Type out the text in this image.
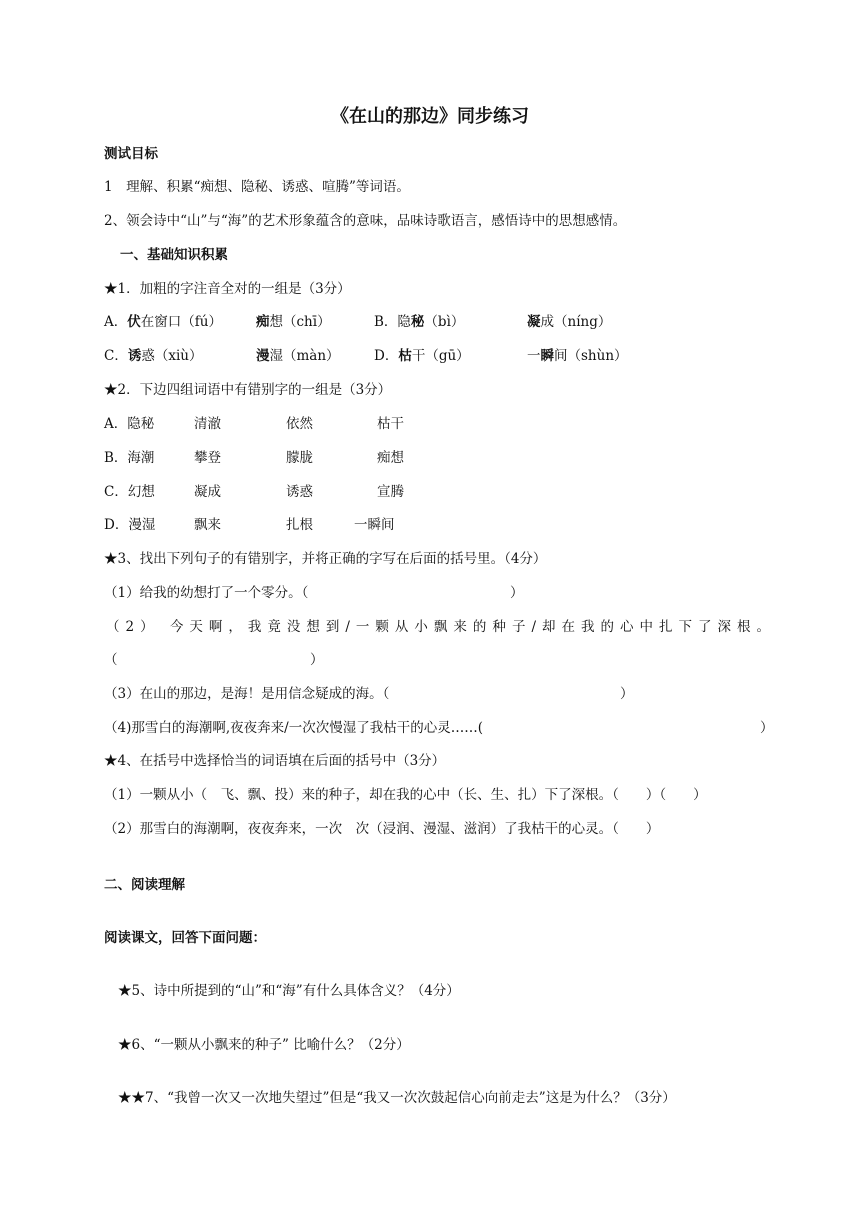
《在山的那边》同步练习
测试目标
1　理解、积累“痴想、隐秘、诱惑、喧腾”等词语。
2、领会诗中“山”与“海”的艺术形象蕴含的意味，品味诗歌语言，感悟诗中的思想感情。
一、基础知识积累
★1．加粗的字注音全对的一组是（3分）
A．伏在窗口（fú）	痴想（chī）	B．隐秘（bì）	凝成（níng）
C．诱惑（xiù）	漫湿（màn）	D．枯干（gū）	一瞬间（shùn）
★2．下边四组词语中有错别字的一组是（3分）
A．隐秘	清澈	依然	枯干
B．海潮	攀登	朦胧	痴想
C．幻想	凝成	诱惑	宣腾
D．漫湿	飘来	扎根	一瞬间
★3、找出下列句子的有错别字，并将正确的字写在后面的括号里。（4分）
（1）给我的幼想打了一个零分。（	）
（2） 今天啊，我竟没想到/一颗从小飘来的种子/却在我的心中扎下了深根。
（	）
（3）在山的那边，是海！是用信念疑成的海。（	）
（4)那雪白的海潮啊,夜夜奔来/一次次慢湿了我枯干的心灵……(	）
★4、在括号中选择恰当的词语填在后面的括号中（3分）
（1）一颗从小（　飞、飘、投）来的种子，却在我的心中（长、生、扎）下了深根。（　　）（　　）
（2）那雪白的海潮啊，夜夜奔来，一次　次（浸润、漫湿、滋润）了我枯干的心灵。（　　）
二、阅读理解
阅读课文，回答下面问题：
★5、诗中所提到的“山”和“海”有什么具体含义？（4分）
★6、“一颗从小飘来的种子” 比喻什么？（2分）
★★7、“我曾一次又一次地失望过”但是“我又一次次鼓起信心向前走去”这是为什么？（3分）
